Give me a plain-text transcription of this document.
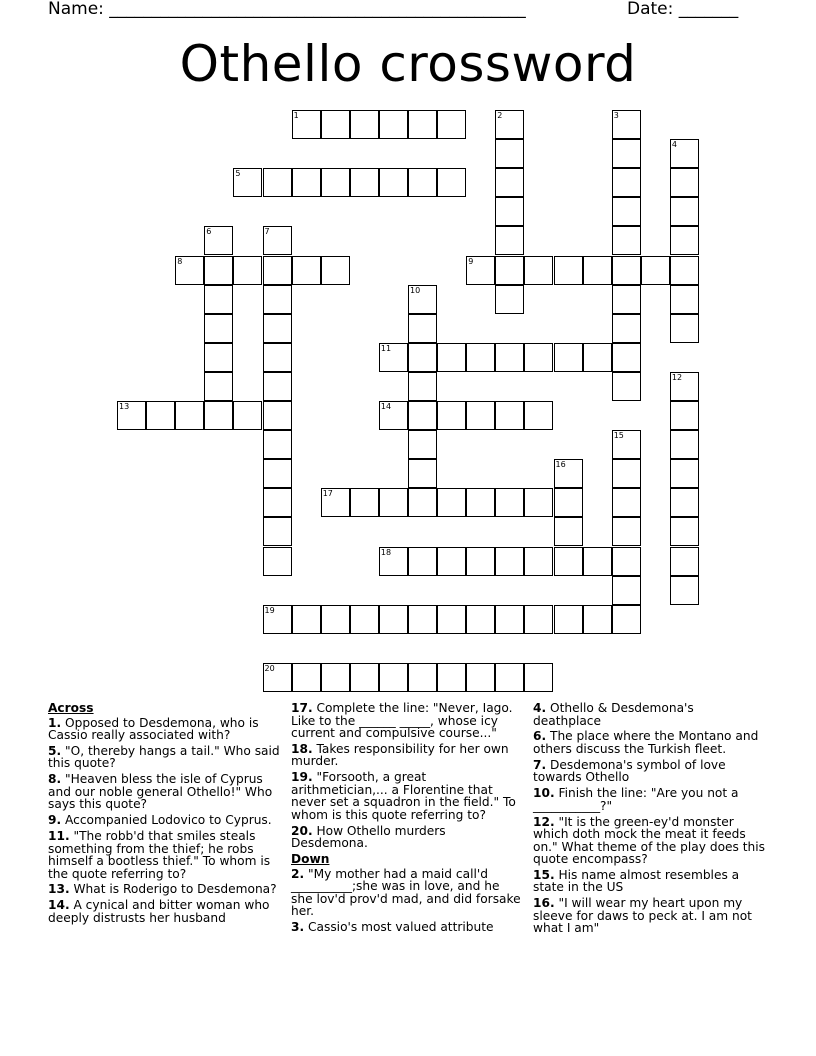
Name: _________________________________________________	Date: _______
Othello crossword
1	2	3
4
5
6	7
8	9
10
11
12
13	14
15
16
17
18
19
20

Across

1. Opposed to Desdemona, who is Cassio really associated with?

5. "O, thereby hangs a tail." Who said this quote?

8. "Heaven bless the isle of Cyprus and our noble general Othello!" Who says this quote?

9. Accompanied Lodovico to Cyprus.

11. "The robb'd that smiles steals something from the thief; he robs himself a bootless thief." To whom is the quote referring to?

13. What is Roderigo to Desdemona?

14. A cynical and bitter woman who deeply distrusts her husband

17. Complete the line: "Never, Iago. Like to the ______ _____, whose icy current and compulsive course..."

18. Takes responsibility for her own murder.

19. "Forsooth, a great arithmetician,... a Florentine that never set a squadron in the field." To whom is this quote referring to?

20. How Othello murders Desdemona.

Down

2. "My mother had a maid call'd __________;she was in love, and he she lov'd prov'd mad, and did forsake her.

3. Cassio's most valued attribute

4. Othello & Desdemona's deathplace

6. The place where the Montano and others discuss the Turkish fleet.

7. Desdemona's symbol of love towards Othello

10. Finish the line: "Are you not a ___________?"

12. "It is the green-ey'd monster which doth mock the meat it feeds on." What theme of the play does this quote encompass?

15. His name almost resembles a state in the US

16. "I will wear my heart upon my sleeve for daws to peck at. I am not what I am"
